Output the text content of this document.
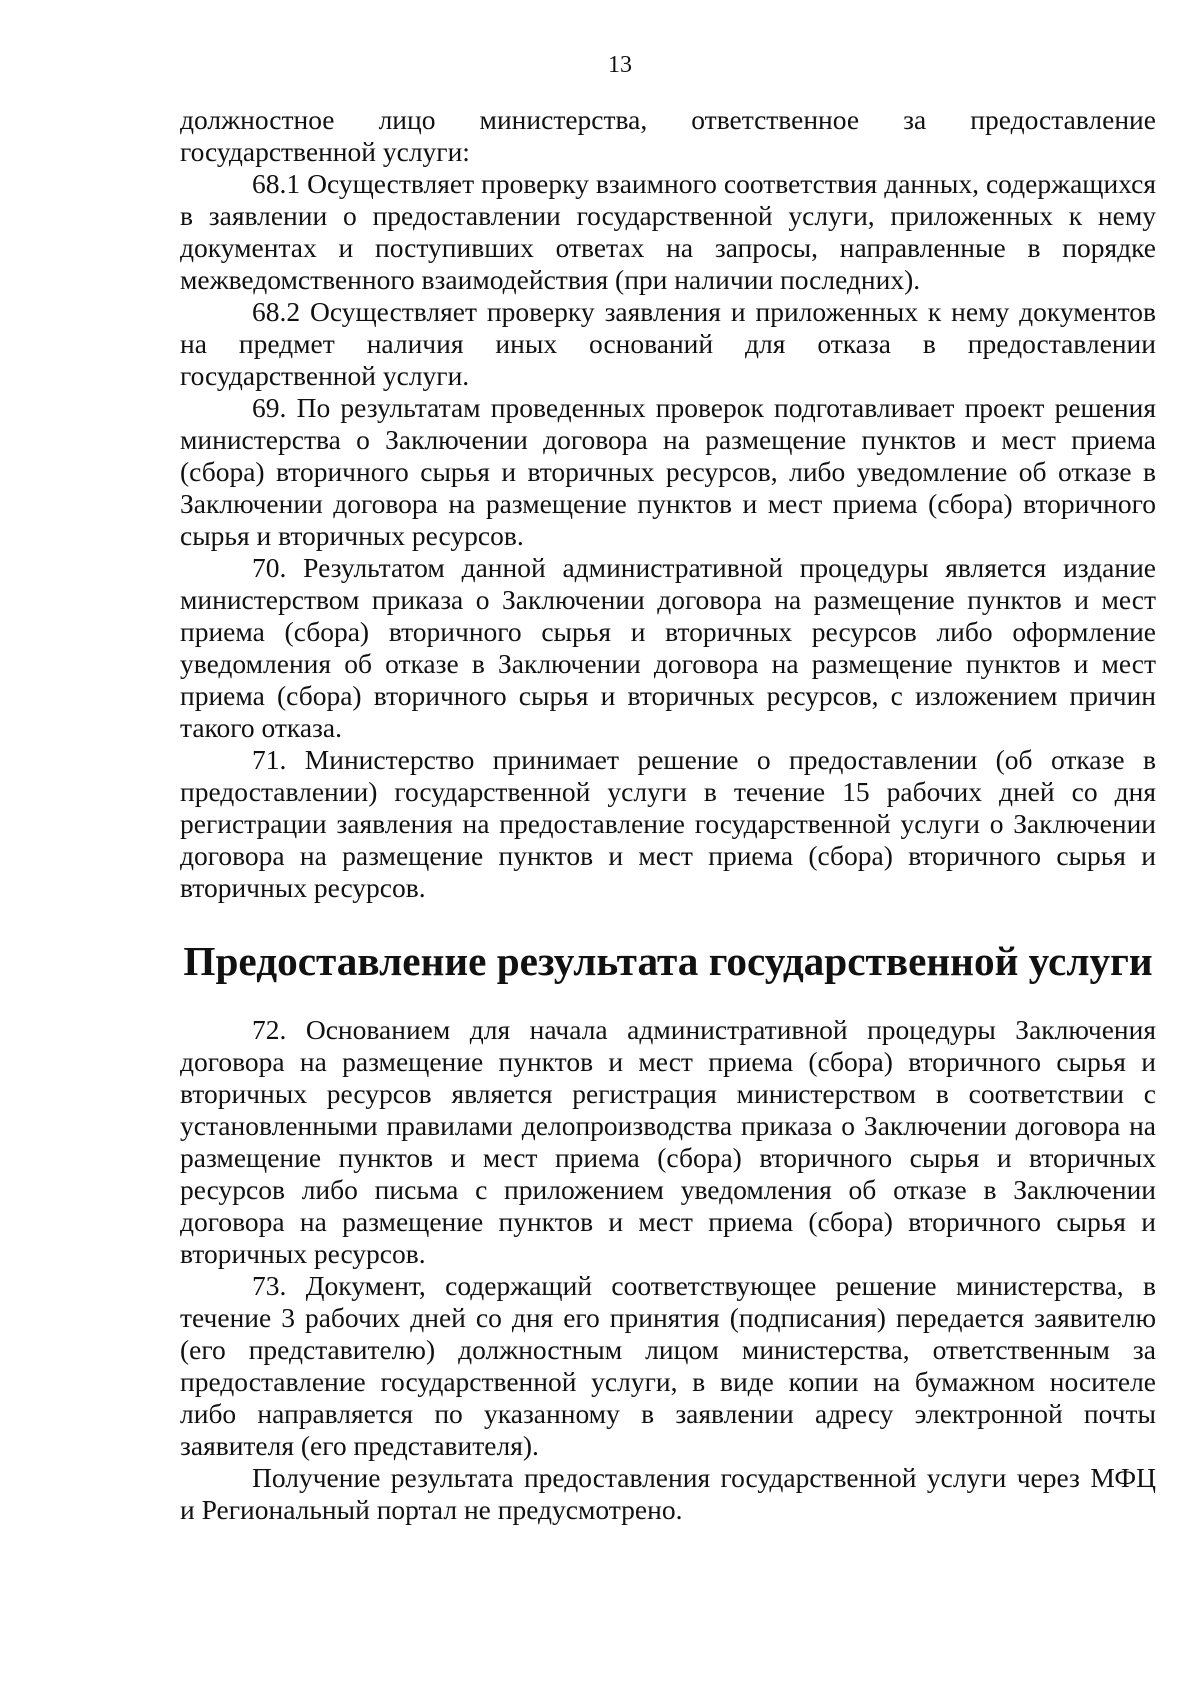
13

должностное лицо министерства, ответственное за предоставление государственной услуги:

68.1 Осуществляет проверку взаимного соответствия данных, содержащихся в заявлении о предоставлении государственной услуги, приложенных к нему документах и поступивших ответах на запросы, направленные в порядке межведомственного взаимодействия (при наличии последних).

68.2 Осуществляет проверку заявления и приложенных к нему документов на предмет наличия иных оснований для отказа в предоставлении государственной услуги.

69. По результатам проведенных проверок подготавливает проект решения министерства о Заключении договора на размещение пунктов и мест приема (сбора) вторичного сырья и вторичных ресурсов, либо уведомление об отказе в Заключении договора на размещение пунктов и мест приема (сбора) вторичного сырья и вторичных ресурсов.

70. Результатом данной административной процедуры является издание министерством приказа о Заключении договора на размещение пунктов и мест приема (сбора) вторичного сырья и вторичных ресурсов либо оформление уведомления об отказе в Заключении договора на размещение пунктов и мест приема (сбора) вторичного сырья и вторичных ресурсов, с изложением причин такого отказа.

71. Министерство принимает решение о предоставлении (об отказе в предоставлении) государственной услуги в течение 15 рабочих дней со дня регистрации заявления на предоставление государственной услуги о Заключении договора на размещение пунктов и мест приема (сбора) вторичного сырья и вторичных ресурсов.

Предоставление результата государственной услуги

72. Основанием для начала административной процедуры Заключения договора на размещение пунктов и мест приема (сбора) вторичного сырья и вторичных ресурсов является регистрация министерством в соответствии с установленными правилами делопроизводства приказа о Заключении договора на размещение пунктов и мест приема (сбора) вторичного сырья и вторичных ресурсов либо письма с приложением уведомления об отказе в Заключении договора на размещение пунктов и мест приема (сбора) вторичного сырья и вторичных ресурсов.

73. Документ, содержащий соответствующее решение министерства, в течение 3 рабочих дней со дня его принятия (подписания) передается заявителю (его представителю) должностным лицом министерства, ответственным за предоставление государственной услуги, в виде копии на бумажном носителе либо направляется по указанному в заявлении адресу электронной почты заявителя (его представителя).

Получение результата предоставления государственной услуги через МФЦ и Региональный портал не предусмотрено.
